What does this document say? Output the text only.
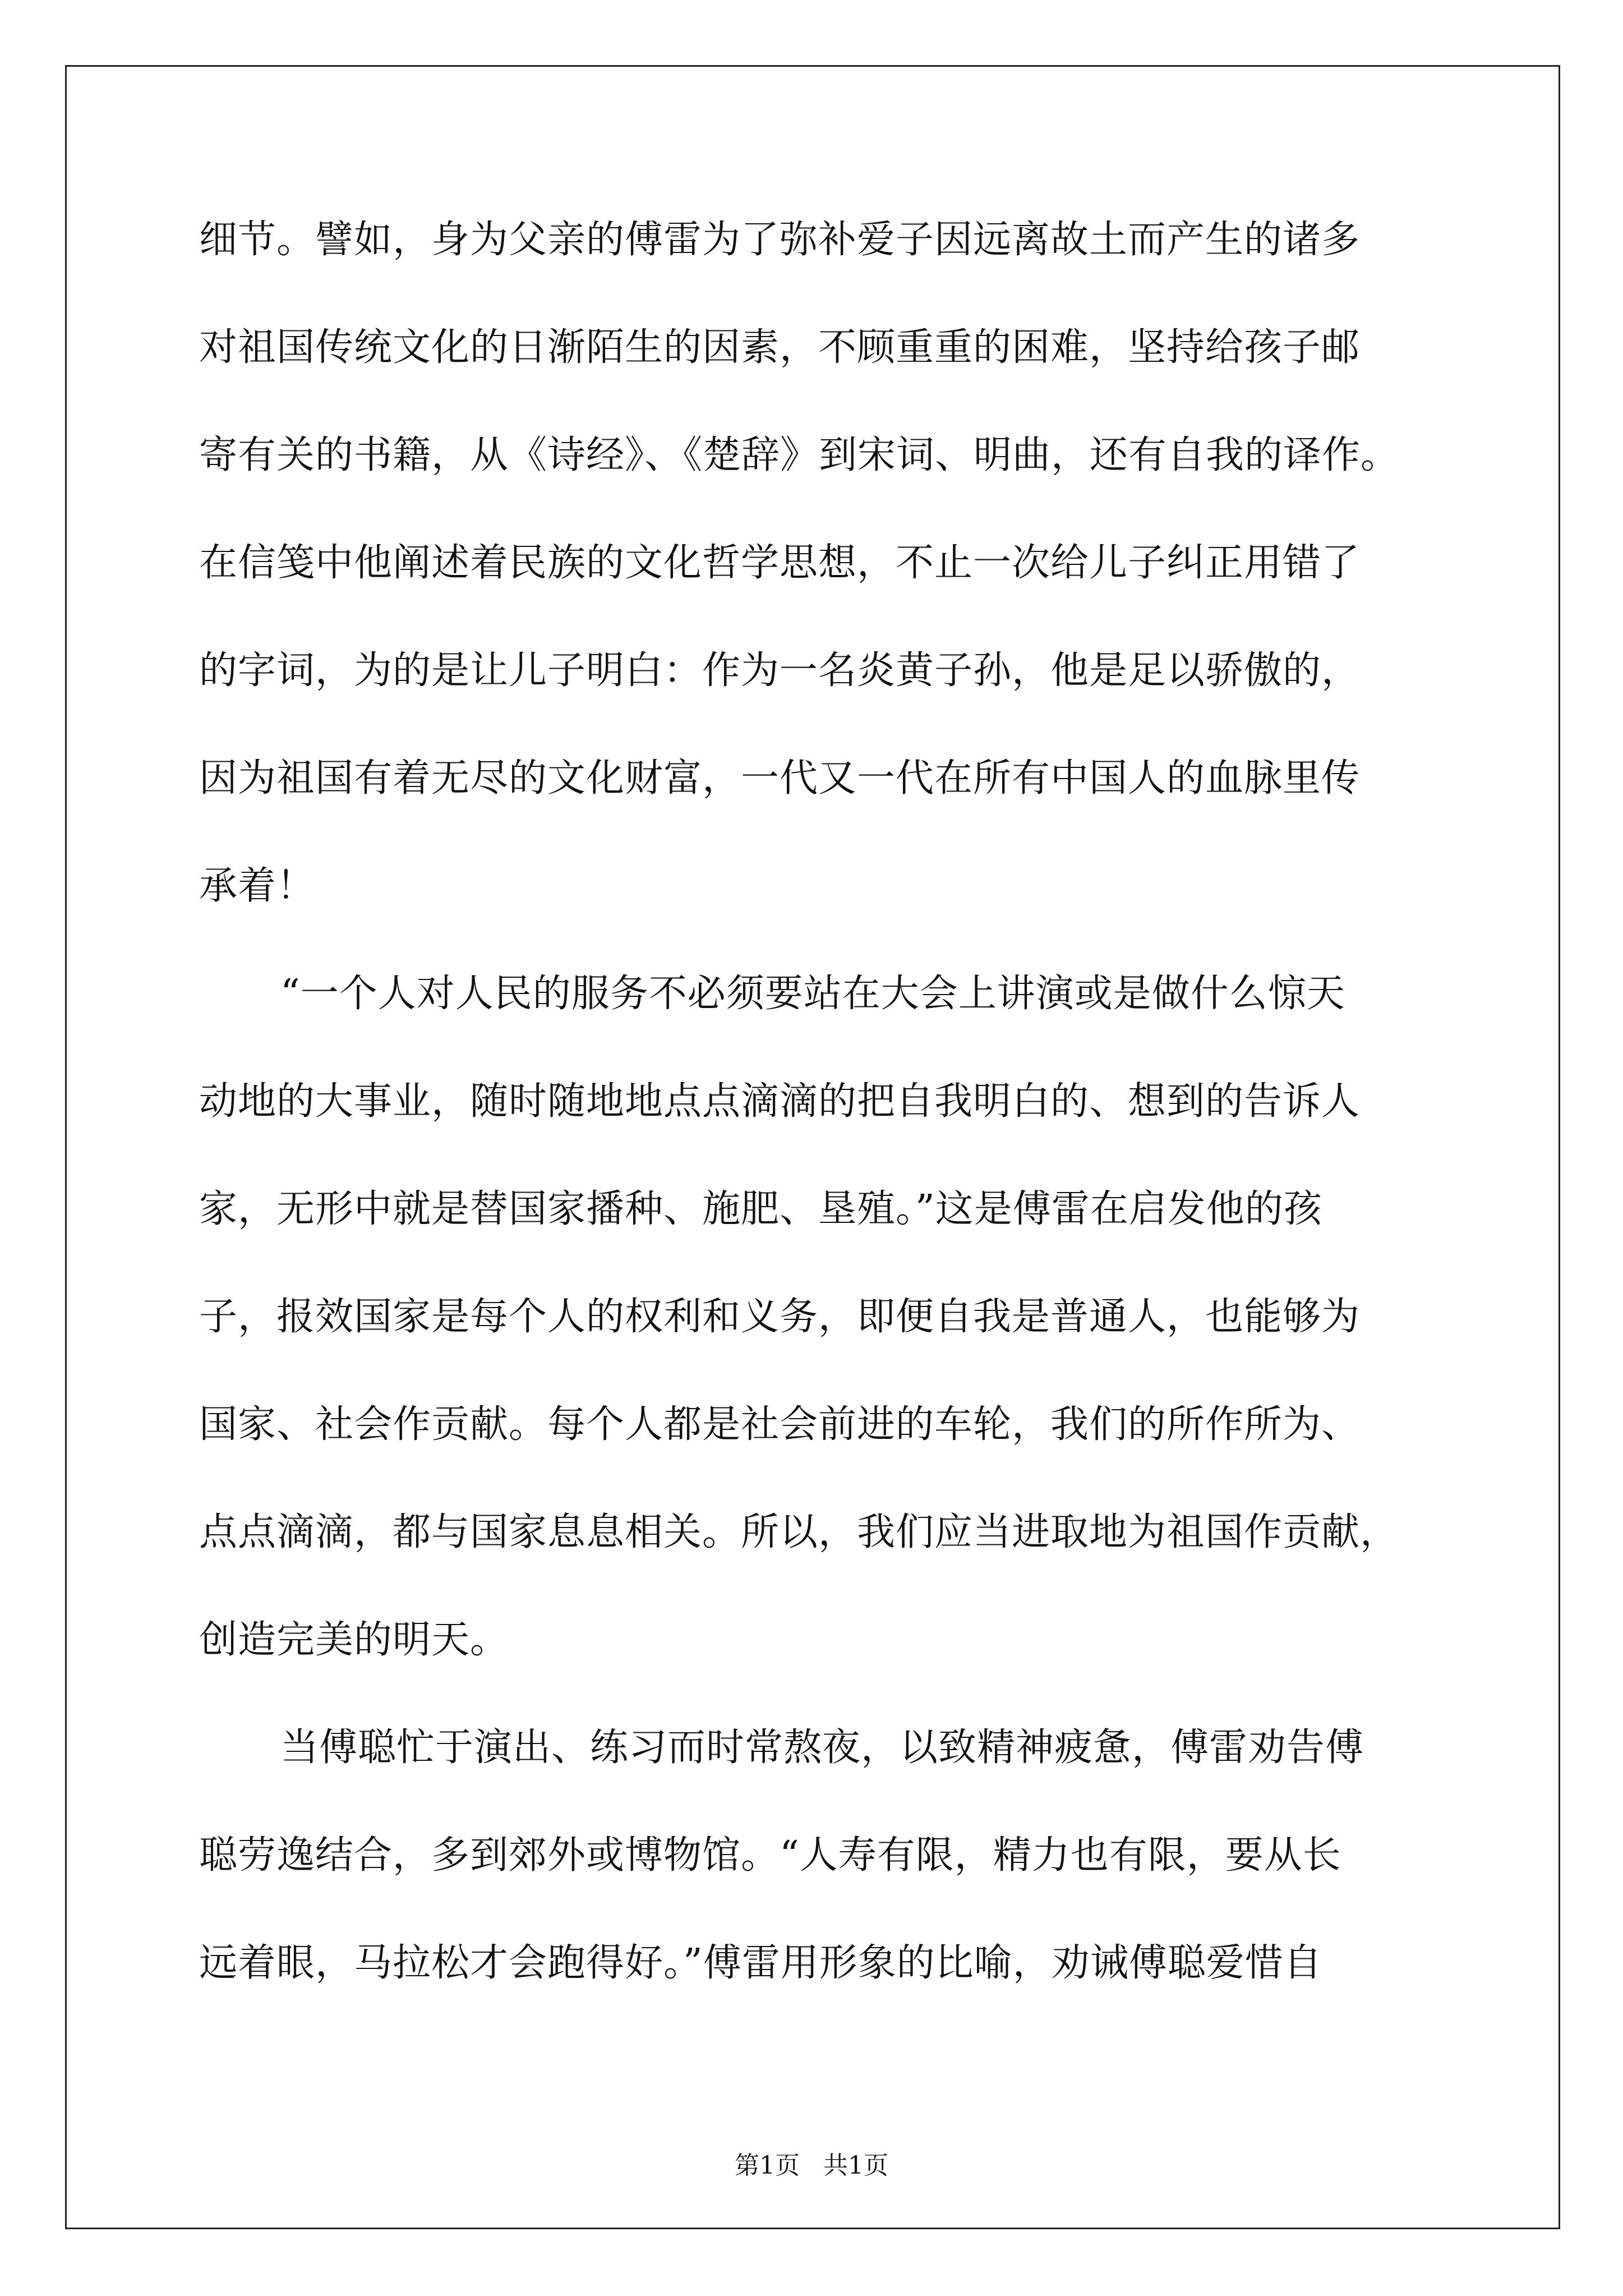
细节。譬如，身为父亲的傅雷为了弥补爱子因远离故土而产生的诸多
对祖国传统文化的日渐陌生的因素，不顾重重的困难，坚持给孩子邮
寄有关的书籍，从《诗经》、《楚辞》到宋词、明曲，还有自我的译作。
在信笺中他阐述着民族的文化哲学思想，不止一次给儿子纠正用错了
的字词，为的是让儿子明白：作为一名炎黄子孙，他是足以骄傲的，
因为祖国有着无尽的文化财富，一代又一代在所有中国人的血脉里传
承着！
“一个人对人民的服务不必须要站在大会上讲演或是做什么惊天
动地的大事业，随时随地地点点滴滴的把自我明白的、想到的告诉人
家，无形中就是替国家播种、施肥、垦殖。”这是傅雷在启发他的孩
子，报效国家是每个人的权利和义务，即便自我是普通人，也能够为
国家、社会作贡献。每个人都是社会前进的车轮，我们的所作所为、
点点滴滴，都与国家息息相关。所以，我们应当进取地为祖国作贡献，
创造完美的明天。
当傅聪忙于演出、练习而时常熬夜，以致精神疲惫，傅雷劝告傅
聪劳逸结合，多到郊外或博物馆。“人寿有限，精力也有限，要从长
远着眼，马拉松才会跑得好。”傅雷用形象的比喻，劝诫傅聪爱惜自
第1页   共1页
